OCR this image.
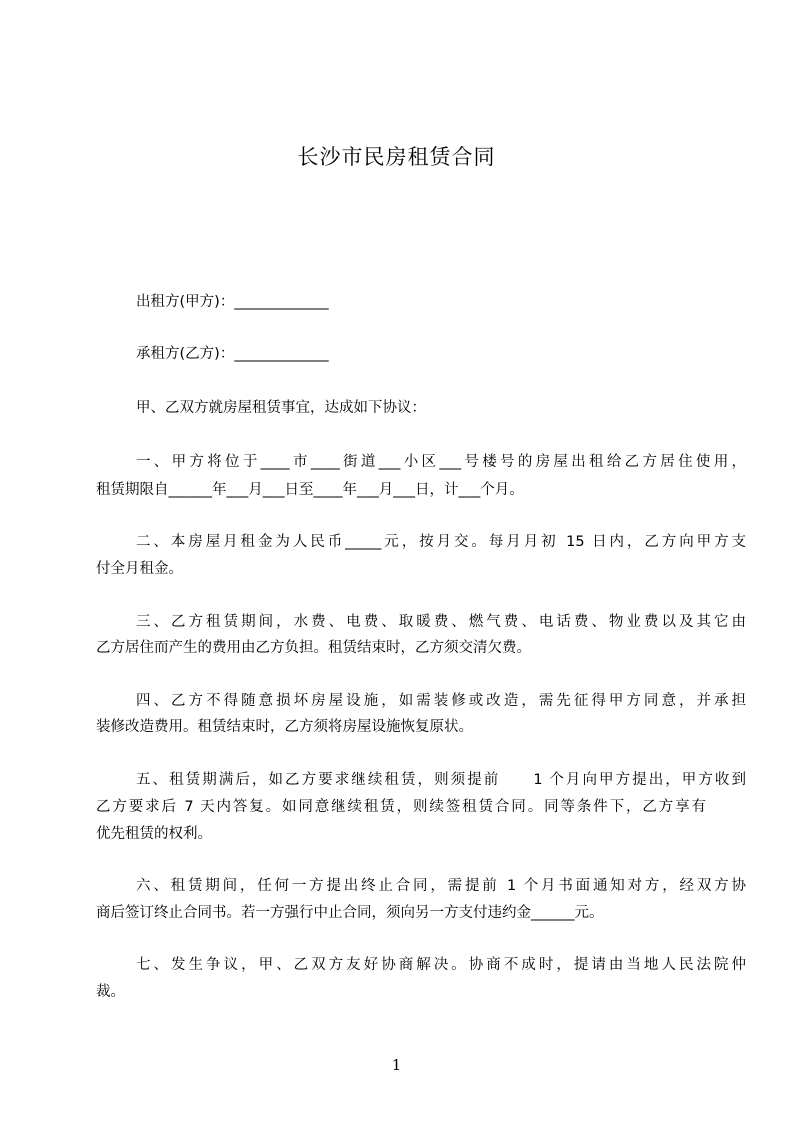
长沙市民房租赁合同
出租方(甲方)：_____________
承租方(乙方)：_____________
甲、乙双方就房屋租赁事宜，达成如下协议：
一、甲方将位于____市____街道___小区___号楼号的房屋出租给乙方居住使用，
租赁期限自______年___月___日至____年___月___日，计___个月。
二、本房屋月租金为人民币_____元，按月交。每月月初 15 日内，乙方向甲方支
付全月租金。
三、乙方租赁期间，水费、电费、取暖费、燃气费、电话费、物业费以及其它由
乙方居住而产生的费用由乙方负担。租赁结束时，乙方须交清欠费。
四、乙方不得随意损坏房屋设施，如需装修或改造，需先征得甲方同意，并承担
装修改造费用。租赁结束时，乙方须将房屋设施恢复原状。
五、租赁期满后，如乙方要求继续租赁，则须提前　　1 个月向甲方提出，甲方收到
乙方要求后 7 天内答复。如同意继续租赁，则续签租赁合同。同等条件下，乙方享有
优先租赁的权利。
六、租赁期间，任何一方提出终止合同，需提前 1 个月书面通知对方，经双方协
商后签订终止合同书。若一方强行中止合同，须向另一方支付违约金______元。
七、发生争议，甲、乙双方友好协商解决。协商不成时，提请由当地人民法院仲
裁。
1
